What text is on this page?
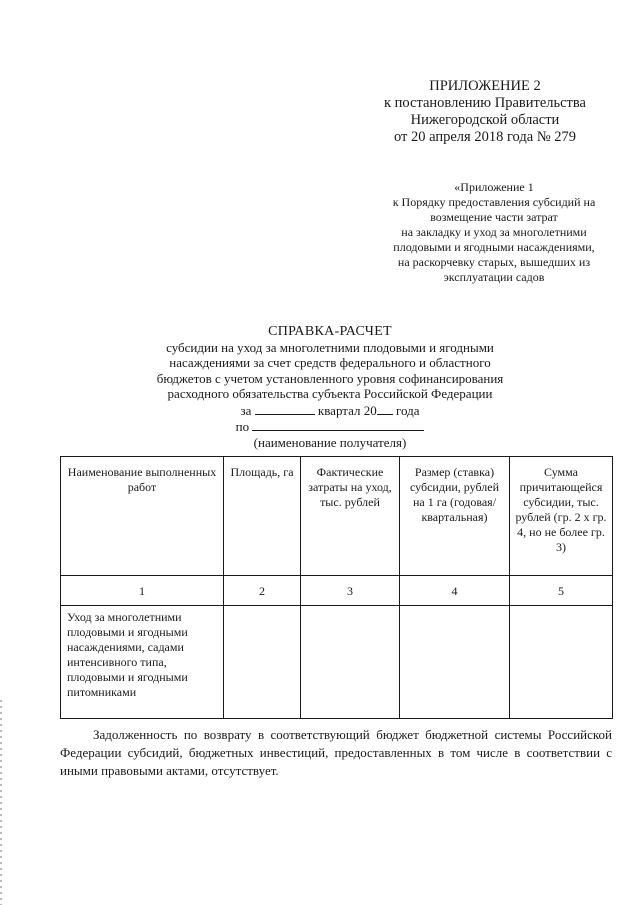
ПРИЛОЖЕНИЕ 2
к постановлению Правительства
Нижегородской области
от 20 апреля 2018 года № 279
«Приложение 1
к Порядку предоставления субсидий на
возмещение части затрат
на закладку и уход за многолетними
плодовыми и ягодными насаждениями,
на раскорчевку старых, вышедших из
эксплуатации садов
СПРАВКА-РАСЧЕТ
субсидии на уход за многолетними плодовыми и ягодными
насаждениями за счет средств федерального и областного
бюджетов с учетом установленного уровня софинансирования
расходного обязательства субъекта Российской Федерации
за	квартал 20 года
по
(наименование получателя)
Наименование выполненных работ	Площадь, га	Фактические затраты на уход, тыс. рублей	Размер (ставка) субсидии, рублей на 1 га (годовая/ квартальная)	Сумма причитающейся субсидии, тыс. рублей (гр. 2 х гр. 4, но не более гр. 3)
1	2	3	4	5
Уход за многолетними плодовыми и ягодными насаждениями, садами интенсивного типа, плодовыми и ягодными питомниками				
Задолженность по возврату в соответствующий бюджет бюджетной системы Российской Федерации субсидий, бюджетных инвестиций, предоставленных в том числе в соответствии с иными правовыми актами, отсутствует.
